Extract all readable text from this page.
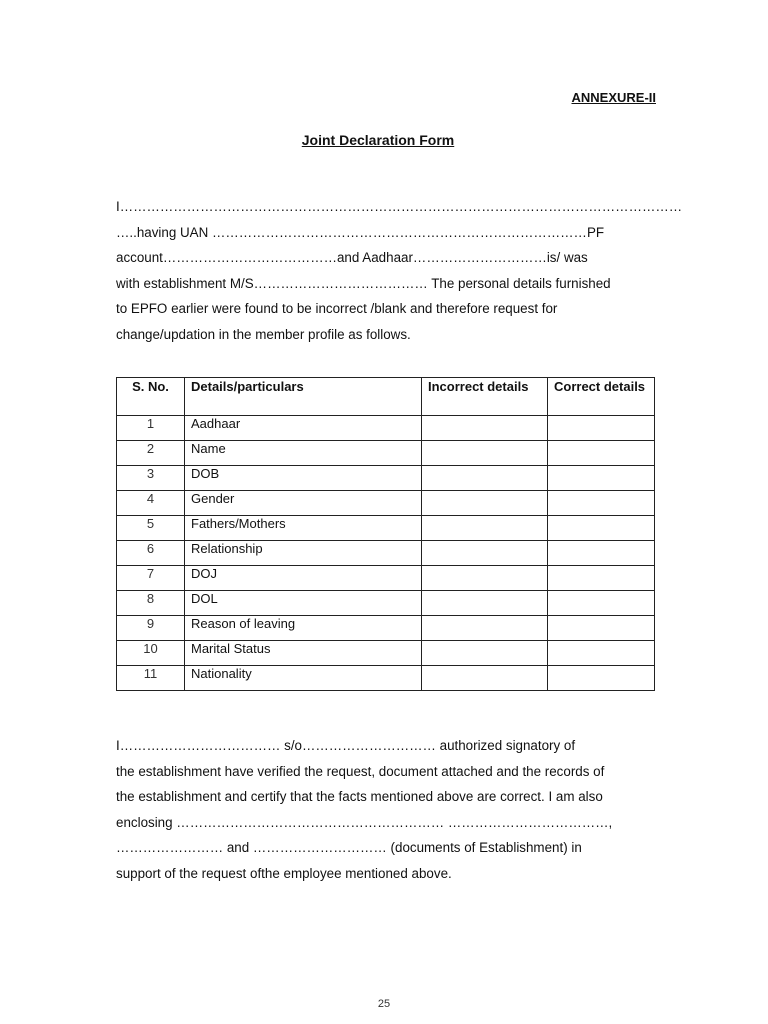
ANNEXURE-II
Joint Declaration Form

I………………………………………………………………………………………………………………

…..having UAN …………………………………………………………………………PF

account…………………………………and Aadhaar…………………………is/ was

with establishment M/S………………………………… The personal details furnished

to EPFO earlier were found to be incorrect /blank and therefore request for

change/updation in the member profile as follows.

S. No.	Details/particulars	Incorrect details	Correct details
1	Aadhaar		
2	Name		
3	DOB		
4	Gender		
5	Fathers/Mothers		
6	Relationship		
7	DOJ		
8	DOL		
9	Reason of leaving		
10	Marital Status		
11	Nationality		

I……………………………… s/o………………………… authorized signatory of

the establishment have verified the request, document attached and the records of

the establishment and certify that the facts mentioned above are correct. I am also

enclosing …………………………………………………… ………………………………,

…………………… and ………………………… (documents of Establishment) in

support of the request ofthe employee mentioned above.

25
